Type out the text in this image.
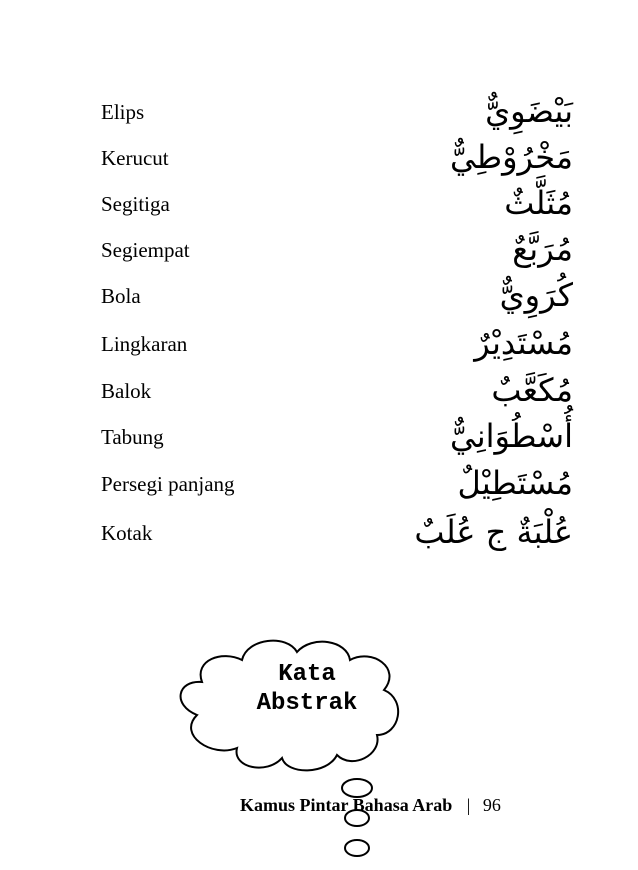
Elips	بَيْضَوِيٌّ
Kerucut	مَخْرُوْطِيٌّ
Segitiga	مُثَلَّثٌ
Segiempat	مُرَبَّعٌ
Bola	كُرَوِيٌّ
Lingkaran	مُسْتَدِيْرٌ
Balok	مُكَعَّبٌ
Tabung	أُسْطُوَانِيٌّ
Persegi panjang	مُسْتَطِيْلٌ
Kotak	عُلْبَةٌ ج عُلَبٌ
Kata
Abstrak
Kamus Pintar Bahasa Arab | 96
